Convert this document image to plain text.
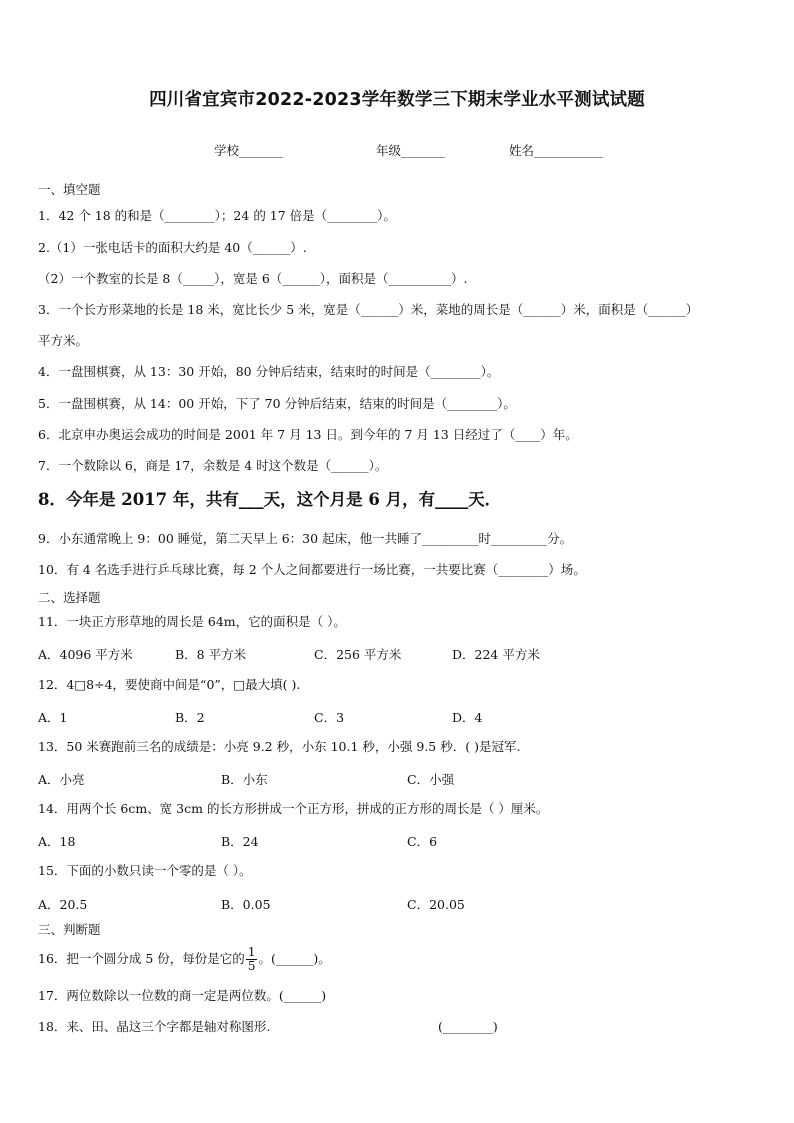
四川省宜宾市2022-2023学年数学三下期末学业水平测试试题
学校_______	年级_______	姓名___________
一、填空题
1．42 个 18 的和是（________）；24 的 17 倍是（________）。
2.（1）一张电话卡的面积大约是 40（______）.
（2）一个教室的长是 8（_____），宽是 6（______），面积是（__________）.
3．一个长方形菜地的长是 18 米，宽比长少 5 米，宽是（______）米，菜地的周长是（______）米，面积是（______）
平方米。
4．一盘围棋赛，从 13：30 开始，80 分钟后结束，结束时的时间是（________）。
5．一盘围棋赛，从 14：00 开始，下了 70 分钟后结束，结束的时间是（________）。
6．北京申办奥运会成功的时间是 2001 年 7 月 13 日。到今年的 7 月 13 日经过了（____）年。
7．一个数除以 6，商是 17，余数是 4 时这个数是（______）。
8．今年是 2017 年，共有___天，这个月是 6 月，有____天．
9．小东通常晚上 9：00 睡觉，第二天早上 6：30 起床，他一共睡了_________时_________分。
10．有 4 名选手进行乒乓球比赛，每 2 个人之间都要进行一场比赛，一共要比赛（________）场。
二、选择题
11．一块正方形草地的周长是 64m，它的面积是（ ）。
A．4096 平方米	B．8 平方米	C．256 平方米	D．224 平方米
12．4□8÷4，要使商中间是“0”，□最大填( ).
A．1	B．2	C．3	D．4
13．50 米赛跑前三名的成绩是：小亮 9.2 秒，小东 10.1 秒，小强 9.5 秒．( )是冠军.
A．小亮	B．小东	C．小强
14．用两个长 6cm、宽 3cm 的长方形拼成一个正方形，拼成的正方形的周长是（ ）厘米。
A．18	B．24	C．6
15．下面的小数只读一个零的是（ ）。
A．20.5	B．0.05	C．20.05
三、判断题
16．把一个圆分成 5 份，每份是它的 $\frac{1}{5}$ 。(______)。
17．两位数除以一位数的商一定是两位数。(______)
18．来、田、晶这三个字都是轴对称图形.	(________)
